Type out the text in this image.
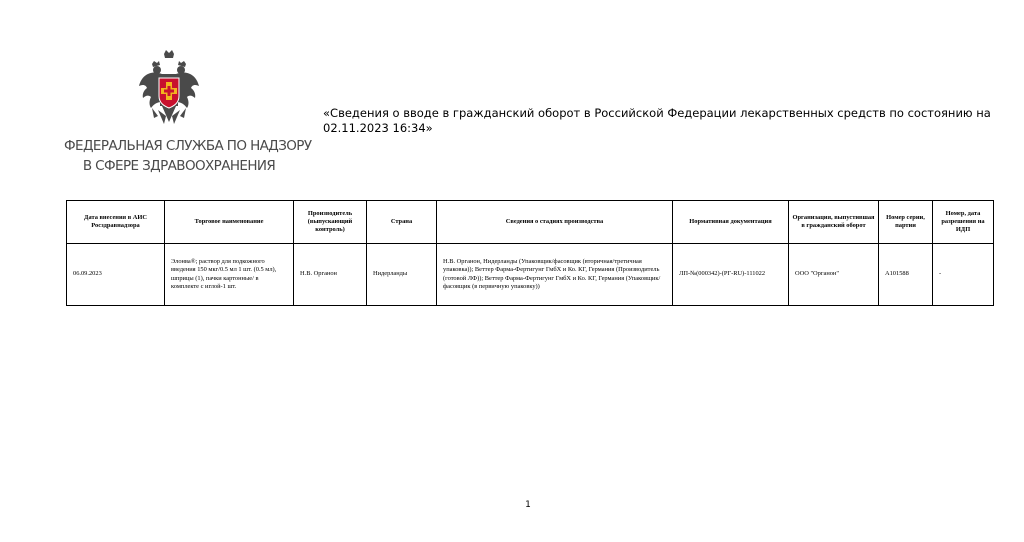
ФЕДЕРАЛЬНАЯ СЛУЖБА ПО НАДЗОРУ
В СФЕРЕ ЗДРАВООХРАНЕНИЯ
«Сведения о вводе в гражданский оборот в Российской Федерации лекарственных средств по состоянию на 02.11.2023 16:34»
Дата внесения в АИС Росздравнадзора	Торговое наименование	Производитель (выпускающий контроль)	Страна	Сведения о стадиях производства	Нормативная документация	Организация, выпустившая в гражданский оборот	Номер серии, партии	Номер, дата разрешения на ИДП
06.09.2023	Элонва®; раствор для подкожного введения 150 мкг/0.5 мл 1 шт. (0.5 мл), шприцы (1), пачки картонные/ в комплекте с иглой-1 шт.	Н.В. Органон	Нидерланды	Н.В. Органон, Нидерланды (Упаковщик/фасовщик (вторичная/третичная упаковка)); Веттер Фарма-Фертигунг ГмбХ и Ко. КГ, Германия (Производитель (готовой ЛФ)); Веттер Фарма-Фертигунг ГмбХ и Ко. КГ, Германия (Упаковщик/фасовщик (в первичную упаковку))	ЛП-№(000342)-(РГ-RU)-111022	ООО "Органон"	A101588	-
1
